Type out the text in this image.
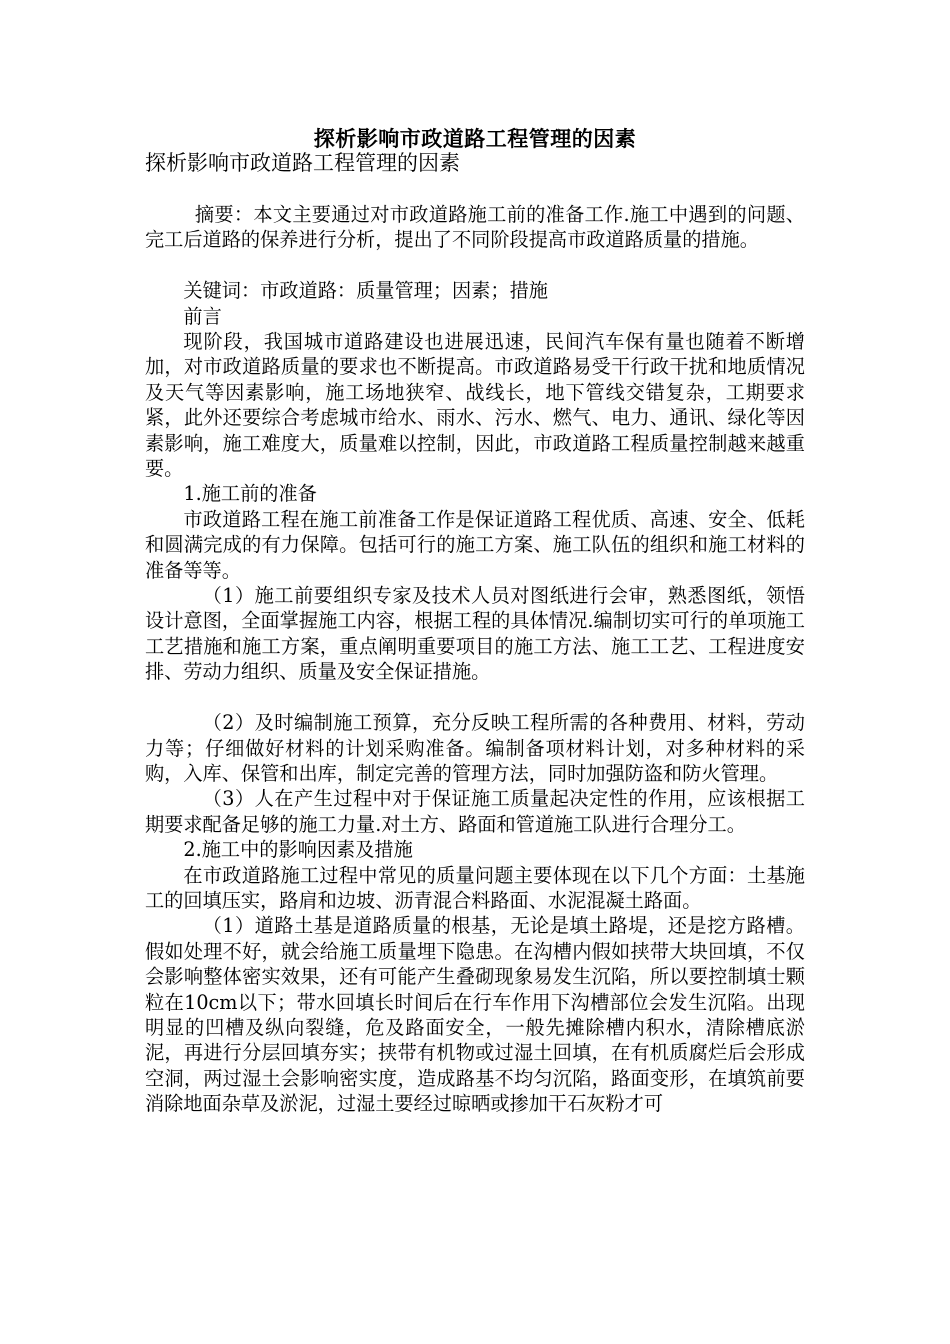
探析影响市政道路工程管理的因素
探析影响市政道路工程管理的因素

摘要：本文主要通过对市政道路施工前的准备工作.施工中遇到的问题、完工后道路的保养进行分析，提出了不同阶段提高市政道路质量的措施。

关键词：市政道路：质量管理；因素；措施

前言

现阶段，我国城市道路建设也进展迅速，民间汽车保有量也随着不断增加，对市政道路质量的要求也不断提高。市政道路易受干行政干扰和地质情况及天气等因素影响，施工场地狭窄、战线长，地下管线交错复杂，工期要求紧，此外还要综合考虑城市给水、雨水、污水、燃气、电力、通讯、绿化等因素影响，施工难度大，质量难以控制，因此，市政道路工程质量控制越来越重要。

1.施工前的准备

市政道路工程在施工前准备工作是保证道路工程优质、高速、安全、低耗和圆满完成的有力保障。包括可行的施工方案、施工队伍的组织和施工材料的准备等等。

（1）施工前要组织专家及技术人员对图纸进行会审，熟悉图纸，领悟设计意图，全面掌握施工内容，根据工程的具体情况.编制切实可行的单项施工工艺措施和施工方案，重点阐明重要项目的施工方法、施工工艺、工程进度安排、劳动力组织、质量及安全保证措施。

（2）及时编制施工预算，充分反映工程所需的各种费用、材料，劳动力等；仔细做好材料的计划采购准备。编制备项材料计划，对多种材料的采购，入库、保管和出库，制定完善的管理方法，同时加强防盗和防火管理。

（3）人在产生过程中对于保证施工质量起决定性的作用，应该根据工期要求配备足够的施工力量.对土方、路面和管道施工队进行合理分工。

2.施工中的影响因素及措施

在市政道路施工过程中常见的质量问题主要体现在以下几个方面：土基施工的回填压实，路肩和边坡、沥青混合料路面、水泥混凝土路面。

（1）道路土基是道路质量的根基，无论是填土路堤，还是挖方路槽。假如处理不好，就会给施工质量埋下隐患。在沟槽内假如挟带大块回填，不仅会影响整体密实效果，还有可能产生叠砌现象易发生沉陷，所以要控制填士颗粒在10cm以下；带水回填长时间后在行车作用下沟槽部位会发生沉陷。出现明显的凹槽及纵向裂缝，危及路面安全，一般先摊除槽内积水，清除槽底淤泥，再进行分层回填夯实；挟带有机物或过湿土回填，在有机质腐烂后会形成空洞，两过湿土会影响密实度，造成路基不均匀沉陷，路面变形，在填筑前要消除地面杂草及淤泥，过湿土要经过晾晒或掺加干石灰粉才可
